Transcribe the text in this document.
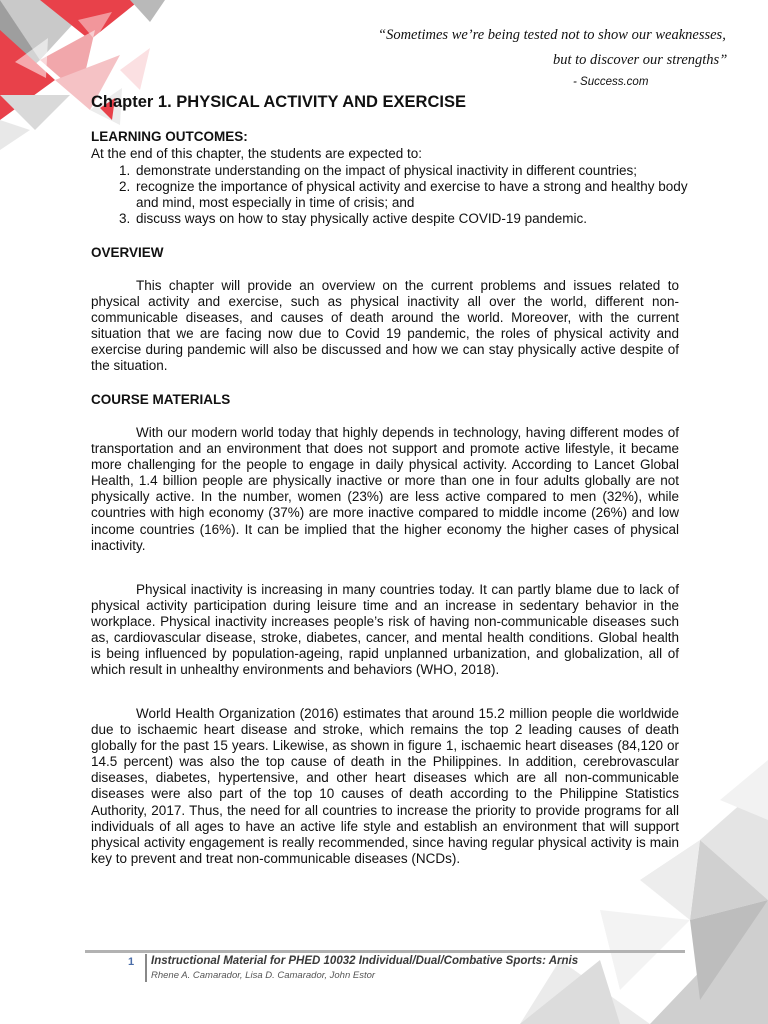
“Sometimes we’re being tested not to show our weaknesses,
but to discover our strengths”
- Success.com
Chapter 1. PHYSICAL ACTIVITY AND EXERCISE
LEARNING OUTCOMES:
At the end of this chapter, the students are expected to:
1. demonstrate understanding on the impact of physical inactivity in different countries;
2. recognize the importance of physical activity and exercise to have a strong and healthy body and mind, most especially in time of crisis; and
3. discuss ways on how to stay physically active despite COVID-19 pandemic.
OVERVIEW
This chapter will provide an overview on the current problems and issues related to physical activity and exercise, such as physical inactivity all over the world, different non-communicable diseases, and causes of death around the world. Moreover, with the current situation that we are facing now due to Covid 19 pandemic, the roles of physical activity and exercise during pandemic will also be discussed and how we can stay physically active despite of the situation.
COURSE MATERIALS
With our modern world today that highly depends in technology, having different modes of transportation and an environment that does not support and promote active lifestyle, it became more challenging for the people to engage in daily physical activity. According to Lancet Global Health, 1.4 billion people are physically inactive or more than one in four adults globally are not physically active. In the number, women (23%) are less active compared to men (32%), while countries with high economy (37%) are more inactive compared to middle income (26%) and low income countries (16%). It can be implied that the higher economy the higher cases of physical inactivity.
Physical inactivity is increasing in many countries today. It can partly blame due to lack of physical activity participation during leisure time and an increase in sedentary behavior in the workplace. Physical inactivity increases people’s risk of having non-communicable diseases such as, cardiovascular disease, stroke, diabetes, cancer, and mental health conditions. Global health is being influenced by population-ageing, rapid unplanned urbanization, and globalization, all of which result in unhealthy environments and behaviors (WHO, 2018).
World Health Organization (2016) estimates that around 15.2 million people die worldwide due to ischaemic heart disease and stroke, which remains the top 2 leading causes of death globally for the past 15 years. Likewise, as shown in figure 1, ischaemic heart diseases (84,120 or 14.5 percent) was also the top cause of death in the Philippines. In addition, cerebrovascular diseases, diabetes, hypertensive, and other heart diseases which are all non-communicable diseases were also part of the top 10 causes of death according to the Philippine Statistics Authority, 2017. Thus, the need for all countries to increase the priority to provide programs for all individuals of all ages to have an active life style and establish an environment that will support physical activity engagement is really recommended, since having regular physical activity is main key to prevent and treat non-communicable diseases (NCDs).
1 Instructional Material for PHED 10032 Individual/Dual/Combative Sports: Arnis
Rhene A. Camarador, Lisa D. Camarador, John Estor
